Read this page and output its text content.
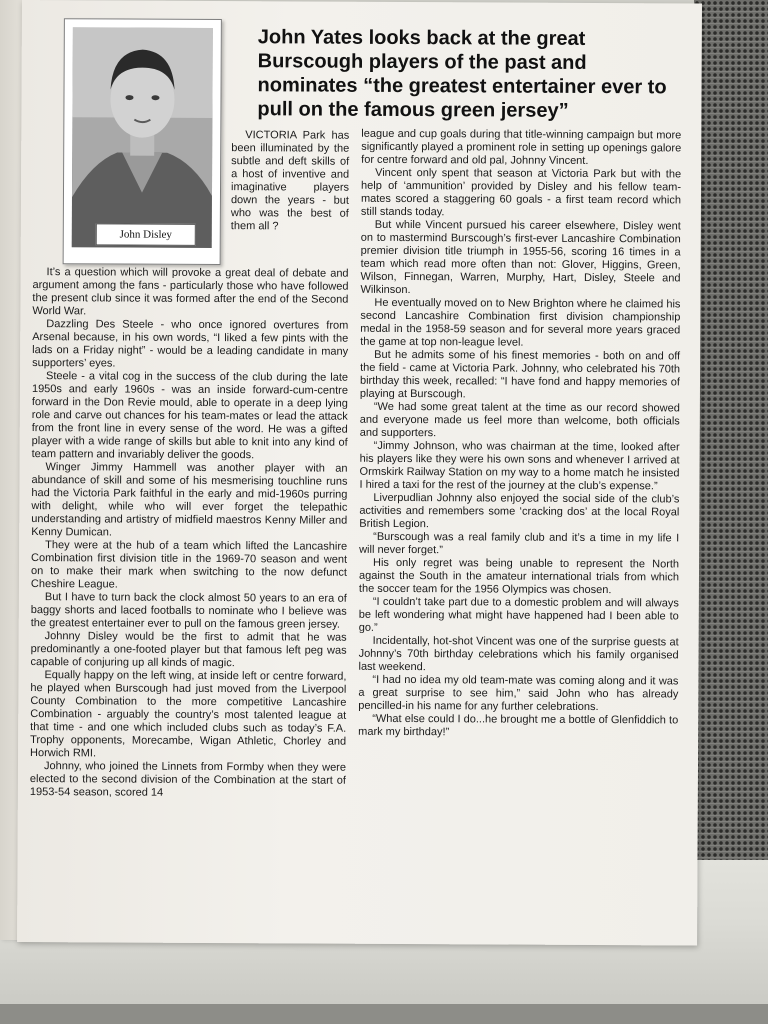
John Disley
John Yates looks back at the great Burscough players of the past and nominates “the greatest entertainer ever to pull on the famous green jersey”

VICTORIA Park has been illuminated by the subtle and deft skills of a host of inventive and imaginative players down the years - but who was the best of them all ?

It’s a question which will provoke a great deal of debate and argument among the fans - particularly those who have followed the present club since it was formed after the end of the Second World War.

Dazzling Des Steele - who once ignored overtures from Arsenal because, in his own words, “I liked a few pints with the lads on a Friday night” - would be a leading candidate in many supporters’ eyes.

Steele - a vital cog in the success of the club during the late 1950s and early 1960s - was an inside forward-cum-centre forward in the Don Revie mould, able to operate in a deep lying role and carve out chances for his team-mates or lead the attack from the front line in every sense of the word. He was a gifted player with a wide range of skills but able to knit into any kind of team pattern and invariably deliver the goods.

Winger Jimmy Hammell was another player with an abundance of skill and some of his mesmerising touchline runs had the Victoria Park faithful in the early and mid-1960s purring with delight, while who will ever forget the telepathic understanding and artistry of midfield maestros Kenny Miller and Kenny Dumican.

They were at the hub of a team which lifted the Lancashire Combination first division title in the 1969-70 season and went on to make their mark when switching to the now defunct Cheshire League.

But I have to turn back the clock almost 50 years to an era of baggy shorts and laced footballs to nominate who I believe was the greatest entertainer ever to pull on the famous green jersey.

Johnny Disley would be the first to admit that he was predominantly a one-footed player but that famous left peg was capable of conjuring up all kinds of magic.

Equally happy on the left wing, at inside left or centre forward, he played when Burscough had just moved from the Liverpool County Combination to the more competitive Lancashire Combination - arguably the country’s most talented league at that time - and one which included clubs such as today’s F.A. Trophy opponents, Morecambe, Wigan Athletic, Chorley and Horwich RMI.

Johnny, who joined the Linnets from Formby when they were elected to the second division of the Combination at the start of 1953-54 season, scored 14

league and cup goals during that title-winning campaign but more significantly played a prominent role in setting up openings galore for centre forward and old pal, Johnny Vincent.

Vincent only spent that season at Victoria Park but with the help of ‘ammunition’ provided by Disley and his fellow team-mates scored a staggering 60 goals - a first team record which still stands today.

But while Vincent pursued his career elsewhere, Disley went on to mastermind Burscough’s first-ever Lancashire Combination premier division title triumph in 1955-56, scoring 16 times in a team which read more often than not: Glover, Higgins, Green, Wilson, Finnegan, Warren, Murphy, Hart, Disley, Steele and Wilkinson.

He eventually moved on to New Brighton where he claimed his second Lancashire Combination first division championship medal in the 1958-59 season and for several more years graced the game at top non-league level.

But he admits some of his finest memories - both on and off the field - came at Victoria Park. Johnny, who celebrated his 70th birthday this week, recalled: “I have fond and happy memories of playing at Burscough.

“We had some great talent at the time as our record showed and everyone made us feel more than welcome, both officials and supporters.

“Jimmy Johnson, who was chairman at the time, looked after his players like they were his own sons and whenever I arrived at Ormskirk Railway Station on my way to a home match he insisted I hired a taxi for the rest of the journey at the club’s expense.”

Liverpudlian Johnny also enjoyed the social side of the club’s activities and remembers some ‘cracking dos’ at the local Royal British Legion.

“Burscough was a real family club and it’s a time in my life I will never forget.”

His only regret was being unable to represent the North against the South in the amateur international trials from which the soccer team for the 1956 Olympics was chosen.

“I couldn’t take part due to a domestic problem and will always be left wondering what might have happened had I been able to go.”

Incidentally, hot-shot Vincent was one of the surprise guests at Johnny’s 70th birthday celebrations which his family organised last weekend.

“I had no idea my old team-mate was coming along and it was a great surprise to see him,” said John who has already pencilled-in his name for any further celebrations.

“What else could I do...he brought me a bottle of Glenfiddich to mark my birthday!”
